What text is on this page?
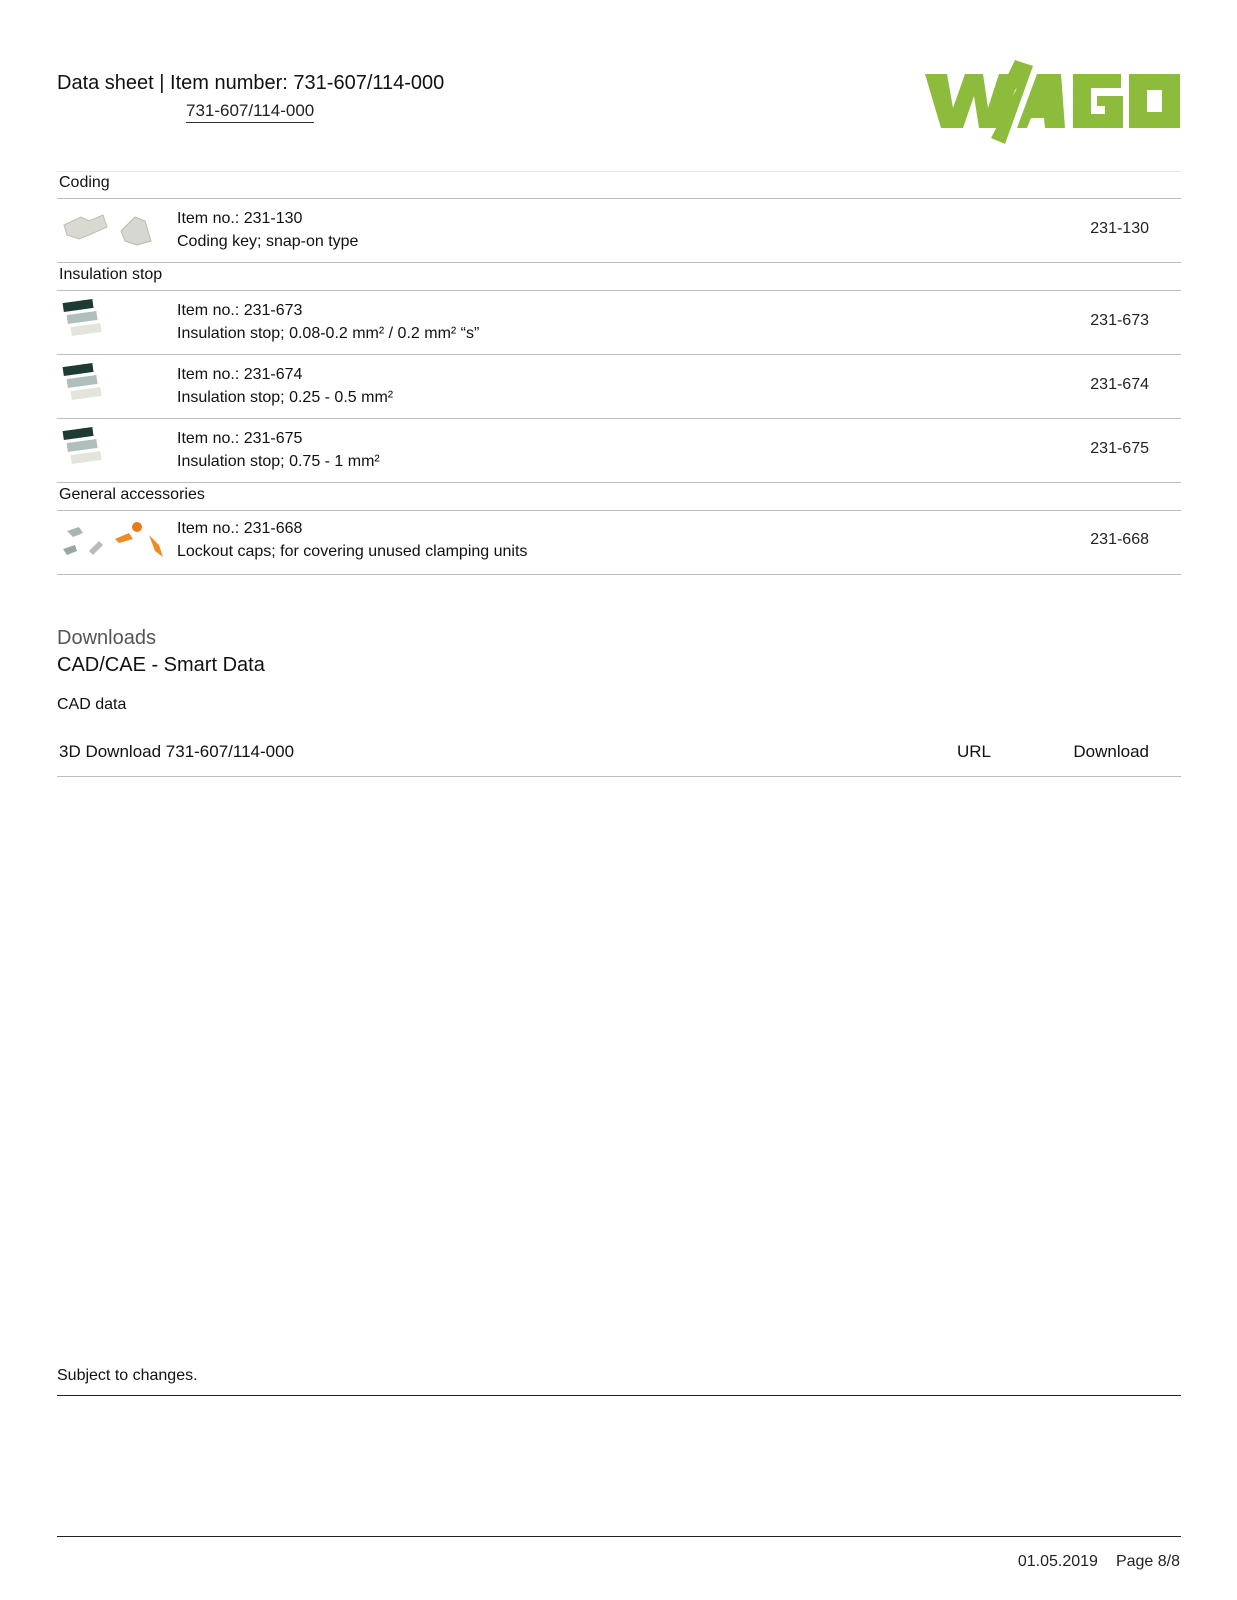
Data sheet | Item number: 731-607/114-000
731-607/114-000
Coding
Item no.: 231-130
Coding key; snap-on type
231-130
Insulation stop
Item no.: 231-673
Insulation stop; 0.08-0.2 mm² / 0.2 mm² “s”
231-673
Item no.: 231-674
Insulation stop; 0.25 - 0.5 mm²
231-674
Item no.: 231-675
Insulation stop; 0.75 - 1 mm²
231-675
General accessories
Item no.: 231-668
Lockout caps; for covering unused clamping units
231-668
Downloads
CAD/CAE - Smart Data
CAD data
3D Download 731-607/114-000	URL	Download
Subject to changes.
01.05.2019 Page 8/8
